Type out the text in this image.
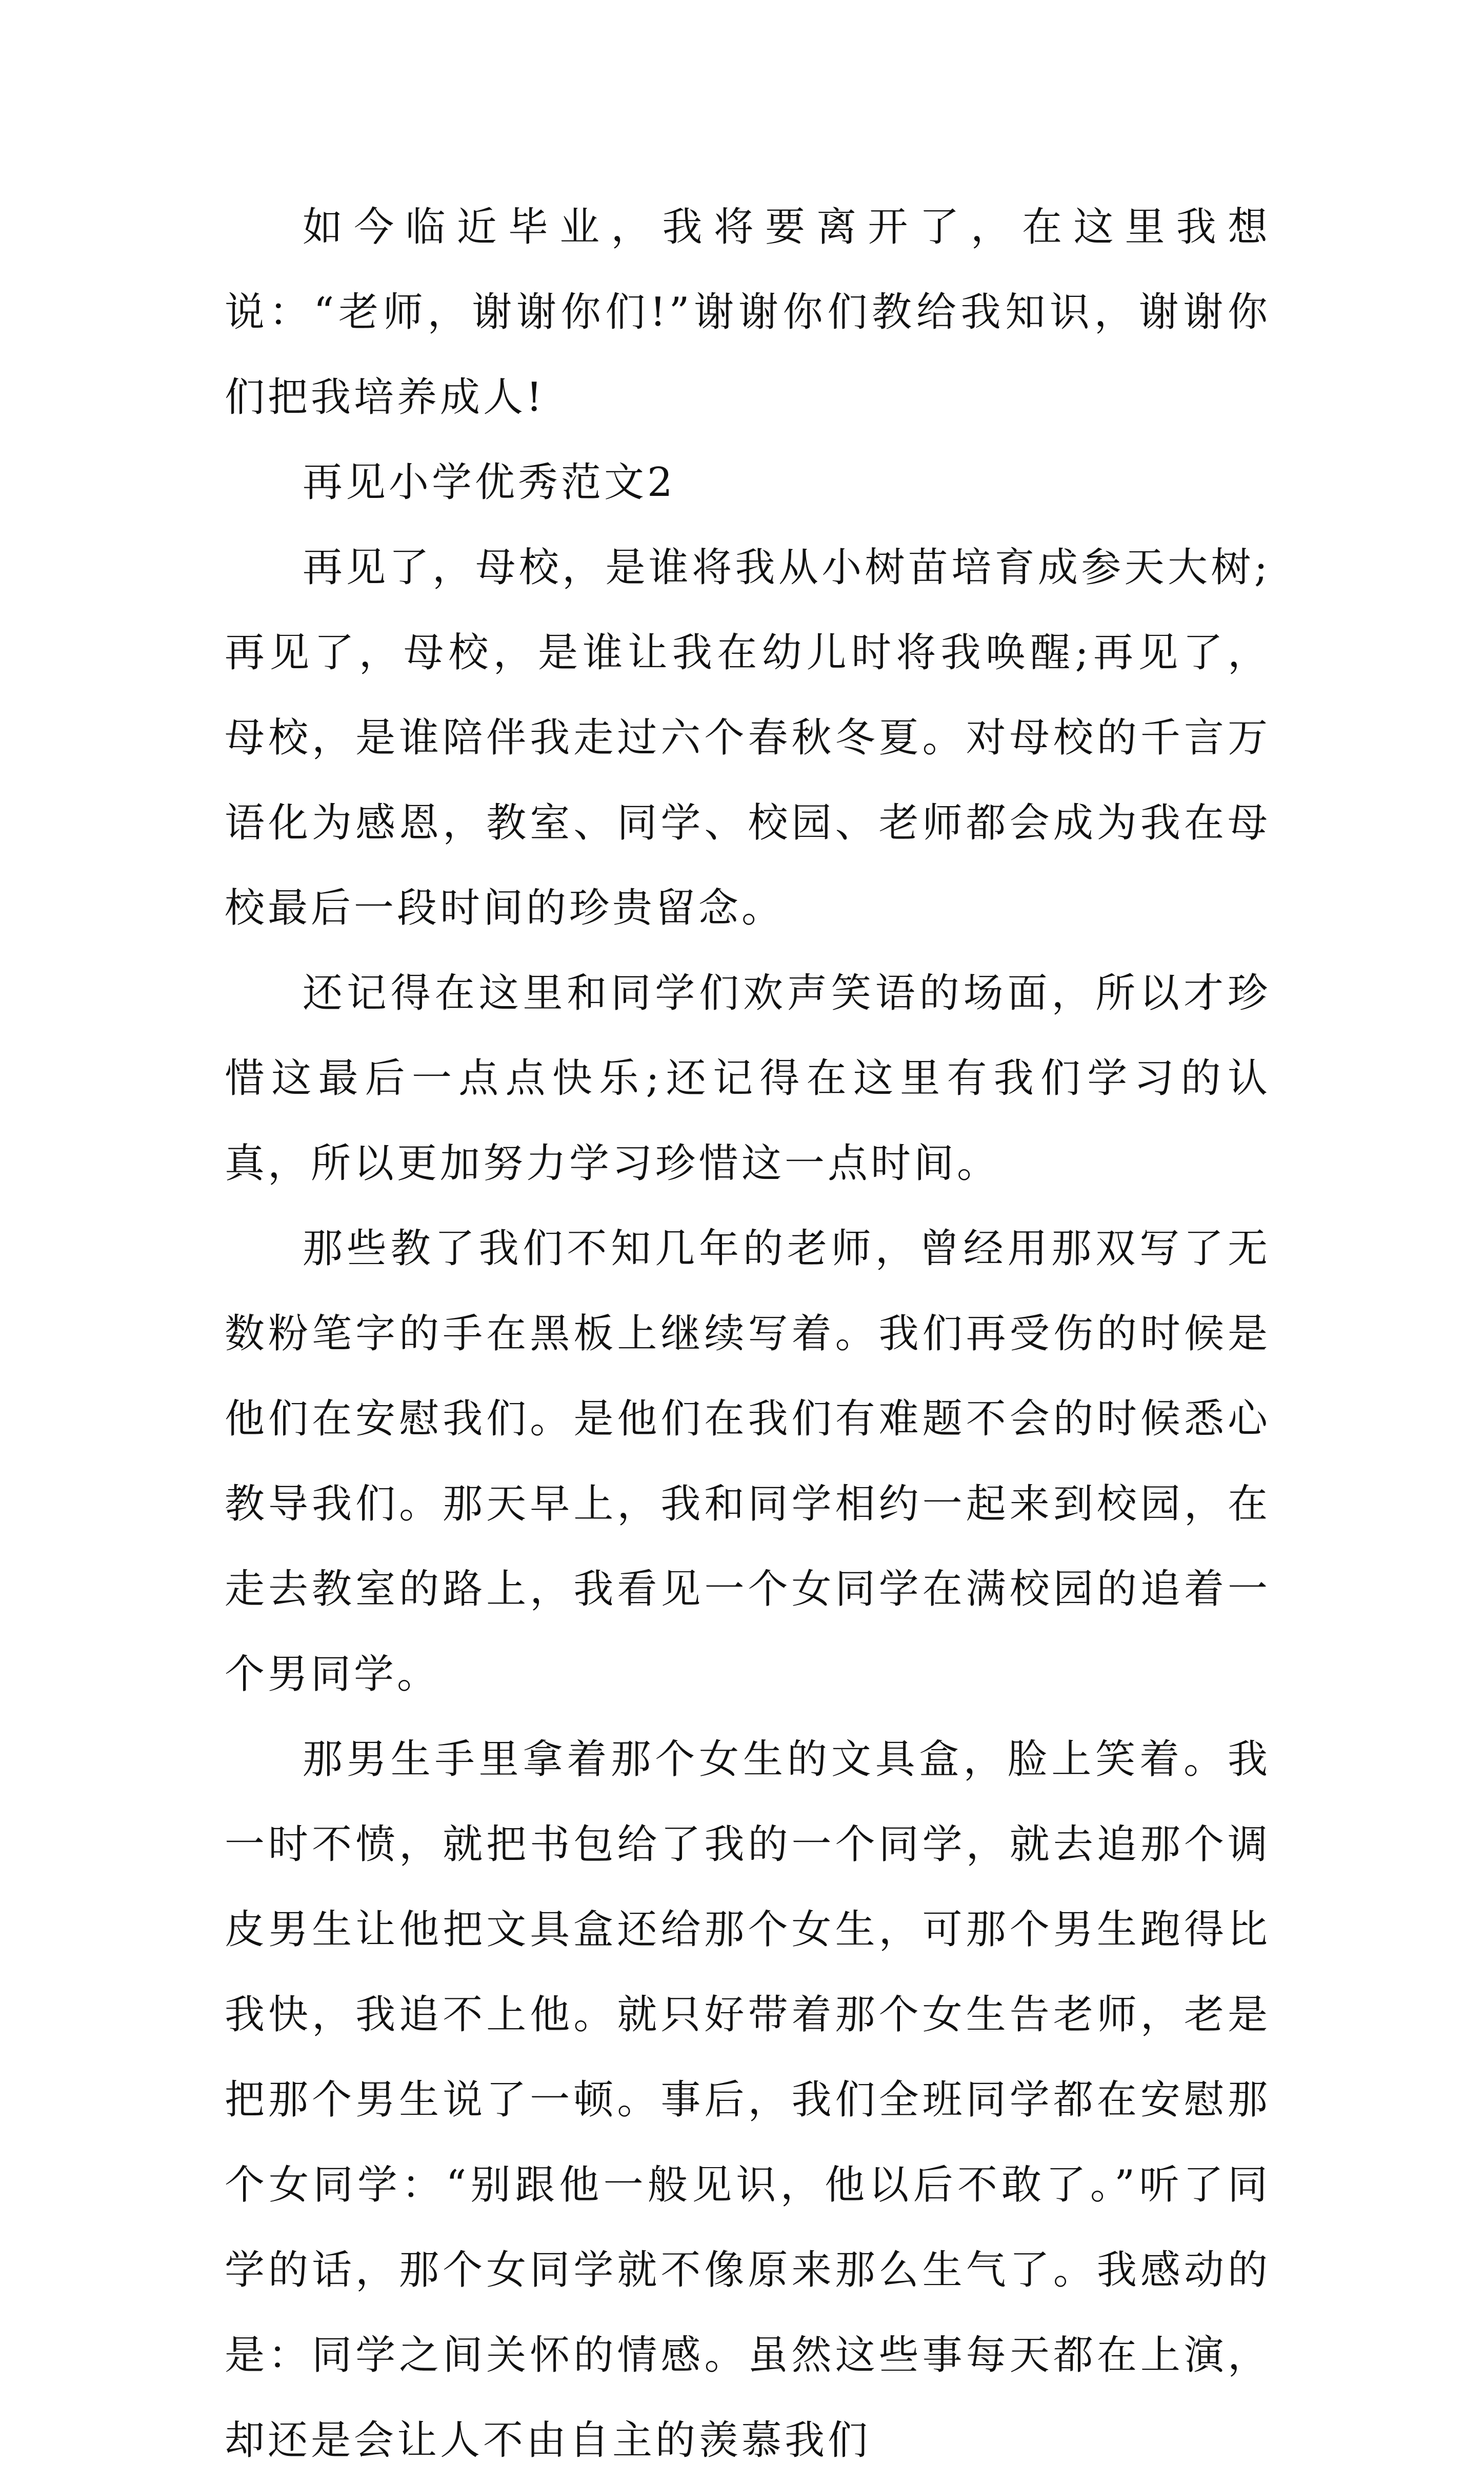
如今临近毕业，我将要离开了，在这里我想说：“老师，谢谢你们!”谢谢你们教给我知识，谢谢你们把我培养成人!

再见小学优秀范文2

再见了，母校，是谁将我从小树苗培育成参天大树;再见了，母校，是谁让我在幼儿时将我唤醒;再见了，母校，是谁陪伴我走过六个春秋冬夏。对母校的千言万语化为感恩，教室、同学、校园、老师都会成为我在母校最后一段时间的珍贵留念。

还记得在这里和同学们欢声笑语的场面，所以才珍惜这最后一点点快乐;还记得在这里有我们学习的认真，所以更加努力学习珍惜这一点时间。

那些教了我们不知几年的老师，曾经用那双写了无数粉笔字的手在黑板上继续写着。我们再受伤的时候是他们在安慰我们。是他们在我们有难题不会的时候悉心教导我们。那天早上，我和同学相约一起来到校园，在走去教室的路上，我看见一个女同学在满校园的追着一个男同学。

那男生手里拿着那个女生的文具盒，脸上笑着。我一时不愤，就把书包给了我的一个同学，就去追那个调皮男生让他把文具盒还给那个女生，可那个男生跑得比我快，我追不上他。就只好带着那个女生告老师，老是把那个男生说了一顿。事后，我们全班同学都在安慰那个女同学：“别跟他一般见识，他以后不敢了。”听了同学的话，那个女同学就不像原来那么生气了。我感动的是：同学之间关怀的情感。虽然这些事每天都在上演，却还是会让人不由自主的羡慕我们
